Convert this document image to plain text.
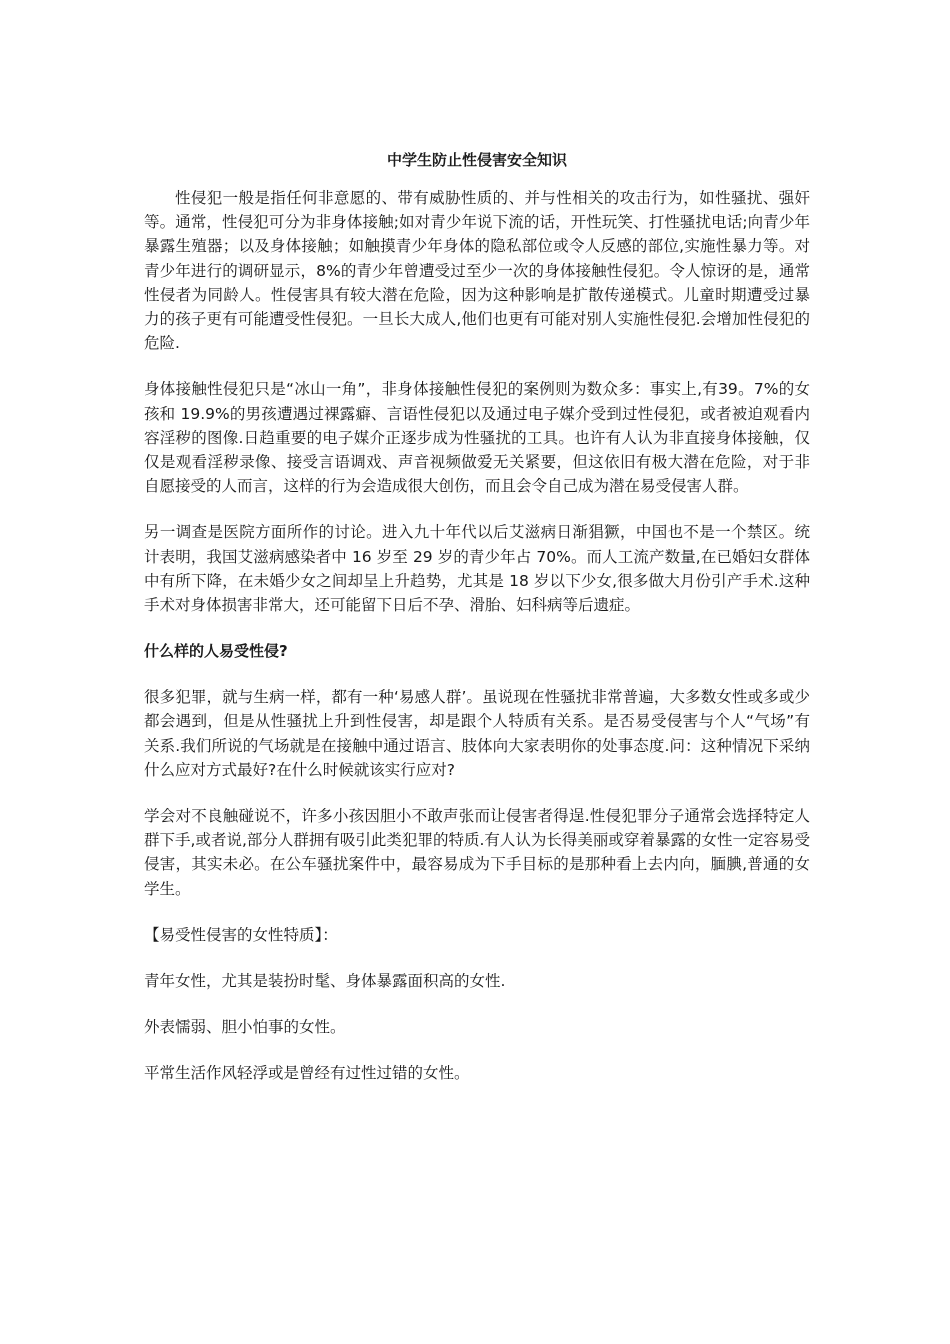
中学生防止性侵害安全知识

性侵犯一般是指任何非意愿的、带有威胁性质的、并与性相关的攻击行为，如性骚扰、强奸等。通常，性侵犯可分为非身体接触;如对青少年说下流的话，开性玩笑、打性骚扰电话;向青少年暴露生殖器；以及身体接触；如触摸青少年身体的隐私部位或令人反感的部位,实施性暴力等。对青少年进行的调研显示，8%的青少年曾遭受过至少一次的身体接触性侵犯。令人惊讶的是，通常性侵者为同龄人。性侵害具有较大潜在危险，因为这种影响是扩散传递模式。儿童时期遭受过暴力的孩子更有可能遭受性侵犯。一旦长大成人,他们也更有可能对别人实施性侵犯.会增加性侵犯的危险.

身体接触性侵犯只是“冰山一角”，非身体接触性侵犯的案例则为数众多：事实上,有39。7%的女孩和 19.9%的男孩遭遇过裸露癖、言语性侵犯以及通过电子媒介受到过性侵犯，或者被迫观看内容淫秽的图像.日趋重要的电子媒介正逐步成为性骚扰的工具。也许有人认为非直接身体接触，仅仅是观看淫秽录像、接受言语调戏、声音视频做爱无关紧要，但这依旧有极大潜在危险，对于非自愿接受的人而言，这样的行为会造成很大创伤，而且会令自己成为潜在易受侵害人群。

另一调查是医院方面所作的讨论。进入九十年代以后艾滋病日渐猖獗，中国也不是一个禁区。统计表明，我国艾滋病感染者中 16 岁至 29 岁的青少年占 70%。而人工流产数量,在已婚妇女群体中有所下降，在未婚少女之间却呈上升趋势，尤其是 18 岁以下少女,很多做大月份引产手术.这种手术对身体损害非常大，还可能留下日后不孕、滑胎、妇科病等后遗症。

什么样的人易受性侵?

很多犯罪，就与生病一样，都有一种‘易感人群’。虽说现在性骚扰非常普遍，大多数女性或多或少都会遇到，但是从性骚扰上升到性侵害，却是跟个人特质有关系。是否易受侵害与个人“气场”有关系.我们所说的气场就是在接触中通过语言、肢体向大家表明你的处事态度.问：这种情况下采纳什么应对方式最好?在什么时候就该实行应对?

学会对不良触碰说不，许多小孩因胆小不敢声张而让侵害者得逞.性侵犯罪分子通常会选择特定人群下手,或者说,部分人群拥有吸引此类犯罪的特质.有人认为长得美丽或穿着暴露的女性一定容易受侵害，其实未必。在公车骚扰案件中，最容易成为下手目标的是那种看上去内向，腼腆,普通的女学生。

【易受性侵害的女性特质】：

青年女性，尤其是装扮时髦、身体暴露面积高的女性.

外表懦弱、胆小怕事的女性。

平常生活作风轻浮或是曾经有过性过错的女性。
